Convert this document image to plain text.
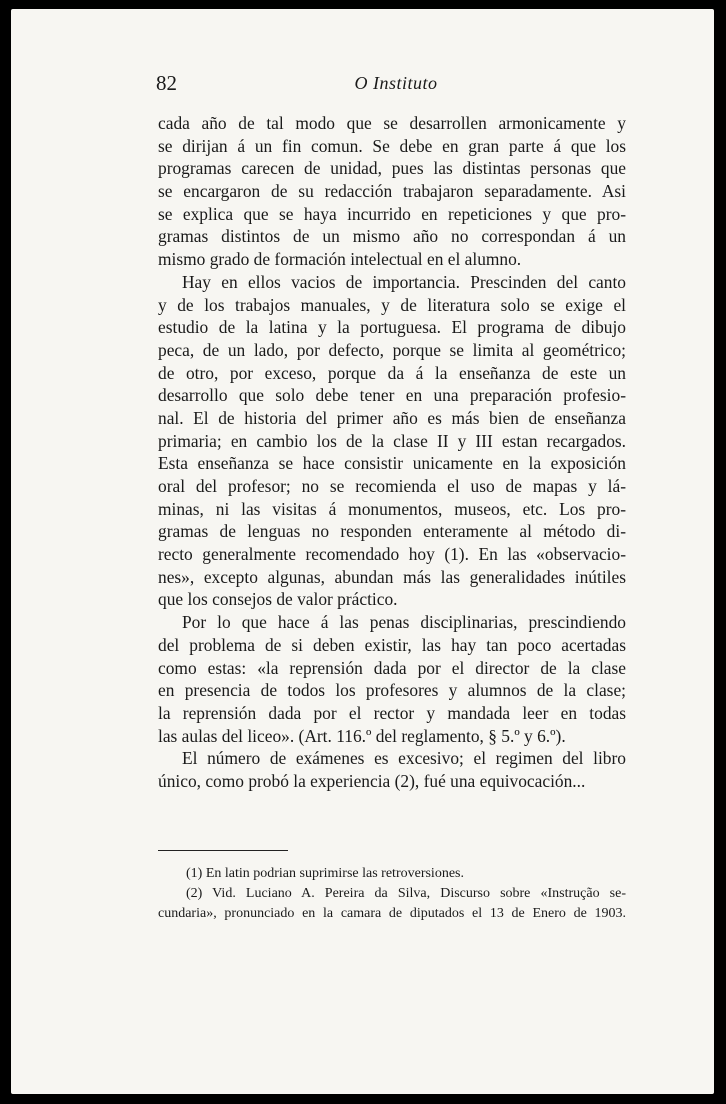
82	O Instituto
cada año de tal modo que se desarrollen armonicamente y
se dirijan á un fin comun. Se debe en gran parte á que los
programas carecen de unidad, pues las distintas personas que
se encargaron de su redacción trabajaron separadamente. Asi
se explica que se haya incurrido en repeticiones y que pro-
gramas distintos de un mismo año no correspondan á un
mismo grado de formación intelectual en el alumno.
Hay en ellos vacios de importancia. Prescinden del canto
y de los trabajos manuales, y de literatura solo se exige el
estudio de la latina y la portuguesa. El programa de dibujo
peca, de un lado, por defecto, porque se limita al geométrico;
de otro, por exceso, porque da á la enseñanza de este un
desarrollo que solo debe tener en una preparación profesio-
nal. El de historia del primer año es más bien de enseñanza
primaria; en cambio los de la clase II y III estan recargados.
Esta enseñanza se hace consistir unicamente en la exposición
oral del profesor; no se recomienda el uso de mapas y lá-
minas, ni las visitas á monumentos, museos, etc. Los pro-
gramas de lenguas no responden enteramente al método di-
recto generalmente recomendado hoy (1). En las «observacio-
nes», excepto algunas, abundan más las generalidades inútiles
que los consejos de valor práctico.
Por lo que hace á las penas disciplinarias, prescindiendo
del problema de si deben existir, las hay tan poco acertadas
como estas: «la reprensión dada por el director de la clase
en presencia de todos los profesores y alumnos de la clase;
la reprensión dada por el rector y mandada leer en todas
las aulas del liceo». (Art. 116.º del reglamento, § 5.º y 6.º).
El número de exámenes es excesivo; el regimen del libro
único, como probó la experiencia (2), fué una equivocación...
(1) En latin podrian suprimirse las retroversiones.
(2) Vid. Luciano A. Pereira da Silva, Discurso sobre «Instrução se-
cundaria», pronunciado en la camara de diputados el 13 de Enero de 1903.
